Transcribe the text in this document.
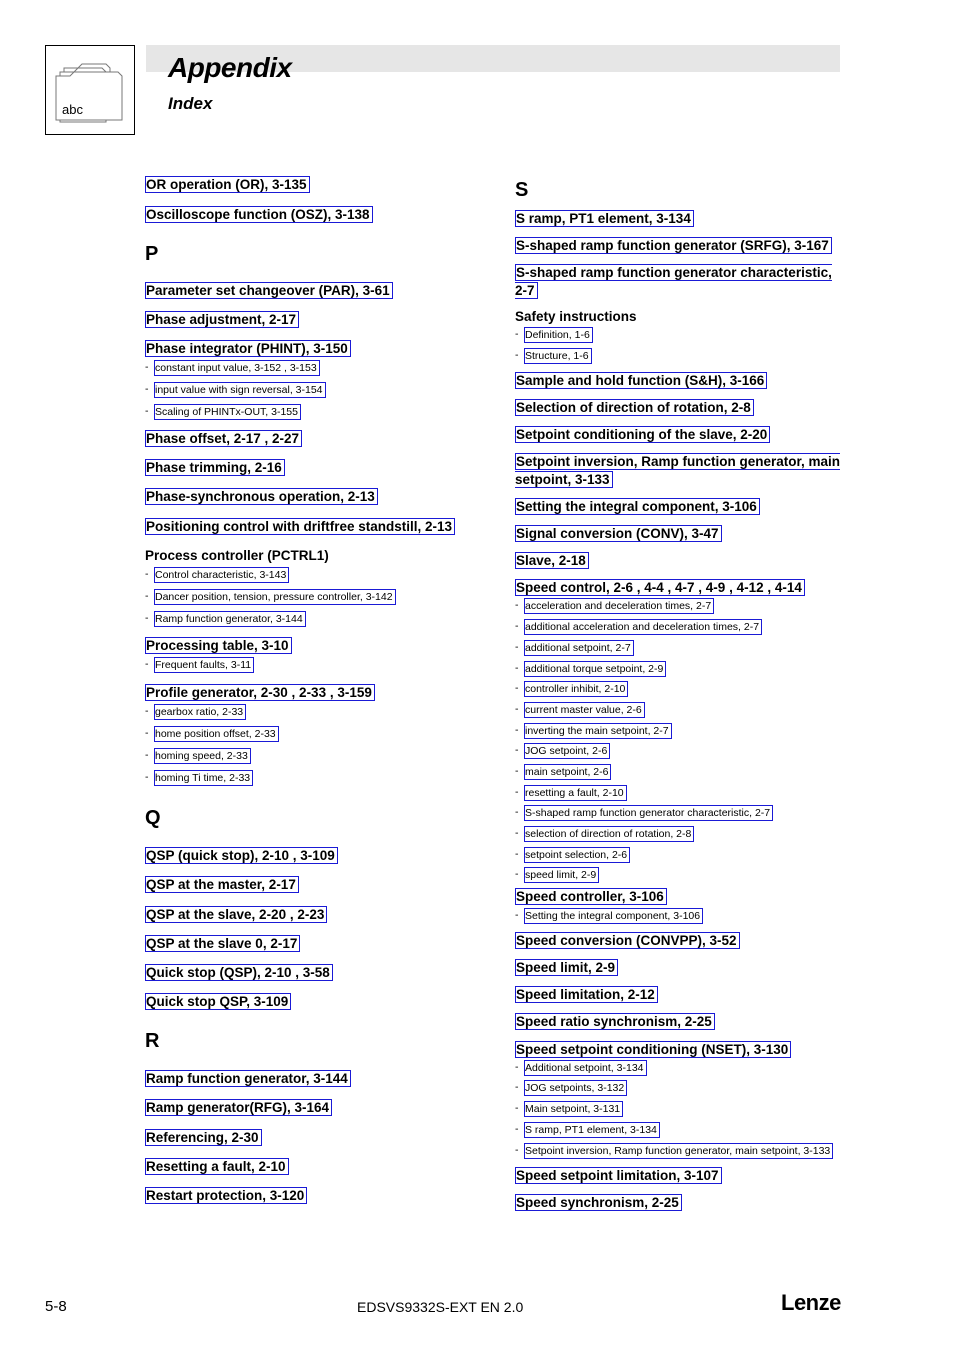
abc
Appendix
Index
OR operation (OR), 3-135
Oscilloscope function (OSZ), 3-138
P
Parameter set changeover (PAR), 3-61
Phase adjustment, 2-17
Phase integrator (PHINT), 3-150
- constant input value, 3-152 , 3-153
- input value with sign reversal, 3-154
- Scaling of PHINTx-OUT, 3-155
Phase offset, 2-17 , 2-27
Phase trimming, 2-16
Phase-synchronous operation, 2-13
Positioning control with driftfree standstill, 2-13
Process controller (PCTRL1)
- Control characteristic, 3-143
- Dancer position, tension, pressure controller, 3-142
- Ramp function generator, 3-144
Processing table, 3-10
- Frequent faults, 3-11
Profile generator, 2-30 , 2-33 , 3-159
- gearbox ratio, 2-33
- home position offset, 2-33
- homing speed, 2-33
- homing Ti time, 2-33
Q
QSP (quick stop), 2-10 , 3-109
QSP at the master, 2-17
QSP at the slave, 2-20 , 2-23
QSP at the slave 0, 2-17
Quick stop (QSP), 2-10 , 3-58
Quick stop QSP, 3-109
R
Ramp function generator, 3-144
Ramp generator(RFG), 3-164
Referencing, 2-30
Resetting a fault, 2-10
Restart protection, 3-120
S
S ramp, PT1 element, 3-134
S-shaped ramp function generator (SRFG), 3-167
S-shaped ramp function generator characteristic, 2-7
Safety instructions
- Definition, 1-6
- Structure, 1-6
Sample and hold function (S&H), 3-166
Selection of direction of rotation, 2-8
Setpoint conditioning of the slave, 2-20
Setpoint inversion, Ramp function generator, main setpoint, 3-133
Setting the integral component, 3-106
Signal conversion (CONV), 3-47
Slave, 2-18
Speed control, 2-6 , 4-4 , 4-7 , 4-9 , 4-12 , 4-14
- acceleration and deceleration times, 2-7
- additional acceleration and deceleration times, 2-7
- additional setpoint, 2-7
- additional torque setpoint, 2-9
- controller inhibit, 2-10
- current master value, 2-6
- inverting the main setpoint, 2-7
- JOG setpoint, 2-6
- main setpoint, 2-6
- resetting a fault, 2-10
- S-shaped ramp function generator characteristic, 2-7
- selection of direction of rotation, 2-8
- setpoint selection, 2-6
- speed limit, 2-9
Speed controller, 3-106
- Setting the integral component, 3-106
Speed conversion (CONVPP), 3-52
Speed limit, 2-9
Speed limitation, 2-12
Speed ratio synchronism, 2-25
Speed setpoint conditioning (NSET), 3-130
- Additional setpoint, 3-134
- JOG setpoints, 3-132
- Main setpoint, 3-131
- S ramp, PT1 element, 3-134
- Setpoint inversion, Ramp function generator, main setpoint, 3-133
Speed setpoint limitation, 3-107
Speed synchronism, 2-25
5-8	EDSVS9332S-EXT EN 2.0	Lenze
